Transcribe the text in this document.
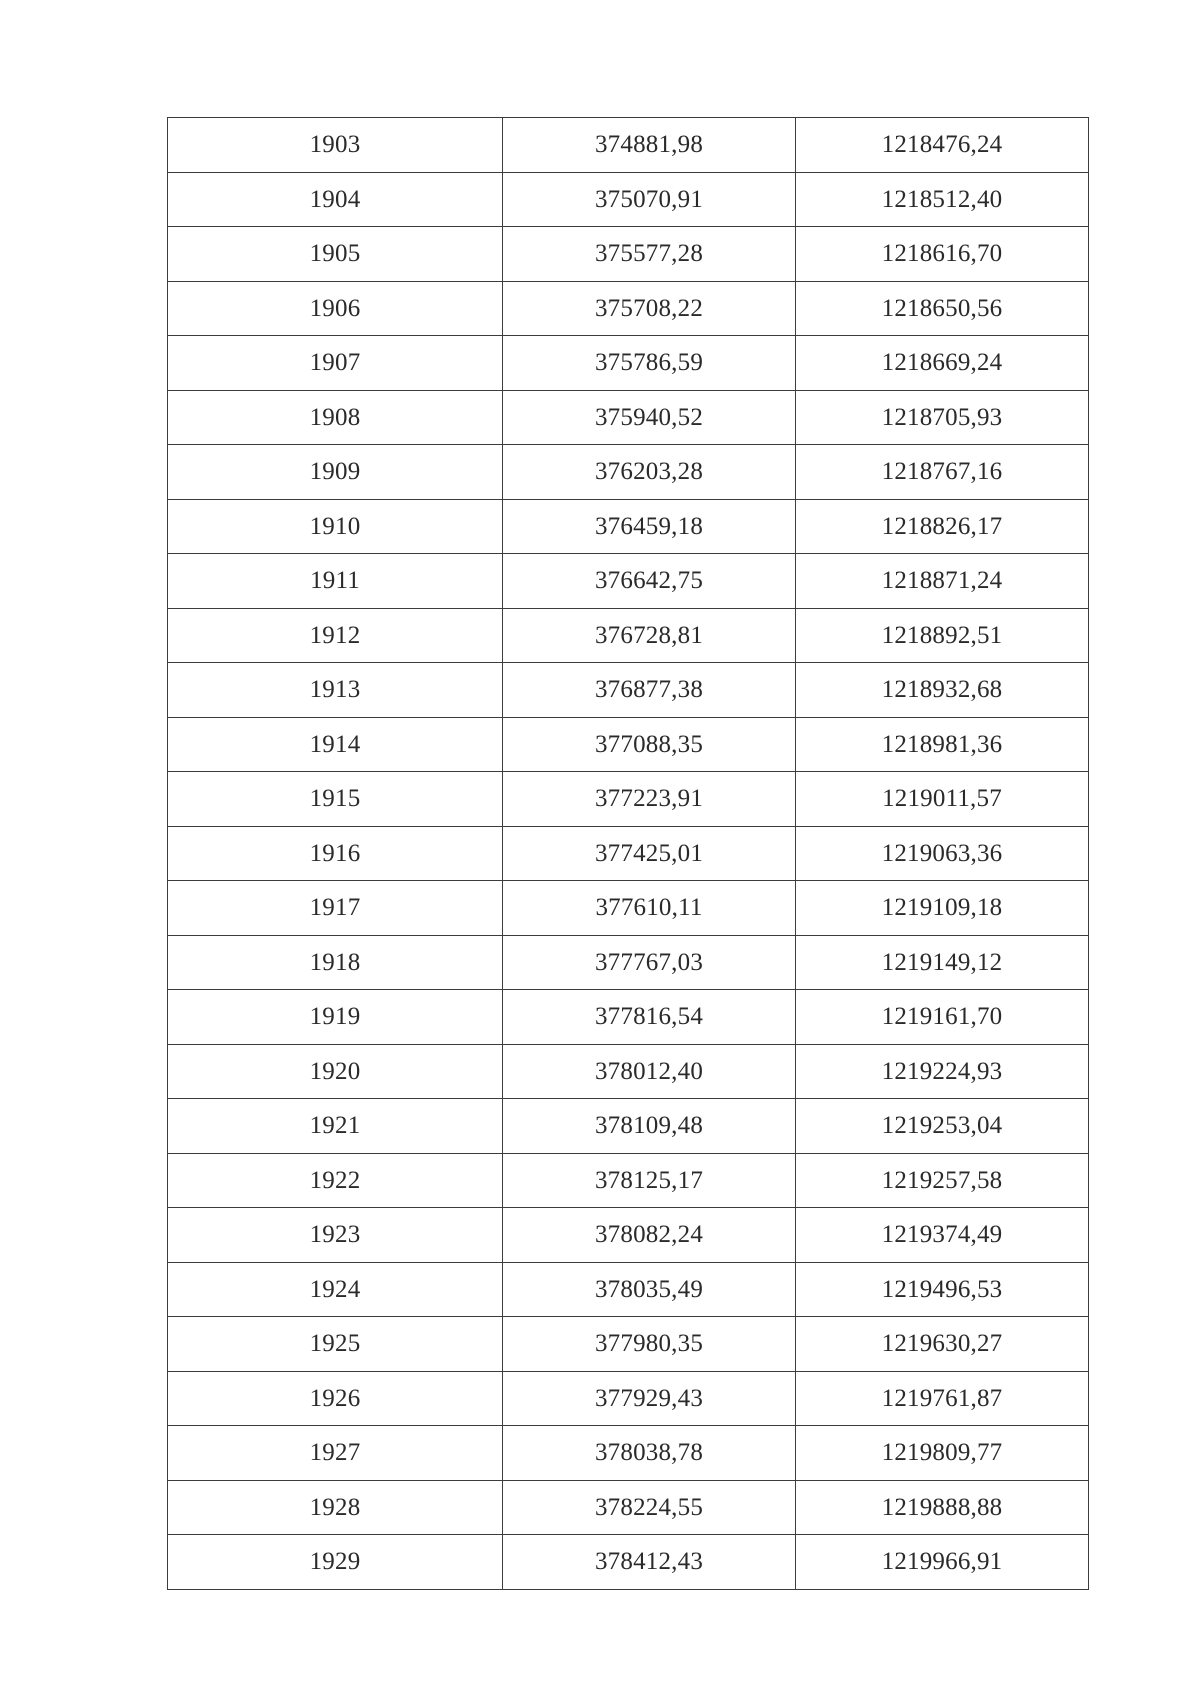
1903	374881,98	1218476,24
1904	375070,91	1218512,40
1905	375577,28	1218616,70
1906	375708,22	1218650,56
1907	375786,59	1218669,24
1908	375940,52	1218705,93
1909	376203,28	1218767,16
1910	376459,18	1218826,17
1911	376642,75	1218871,24
1912	376728,81	1218892,51
1913	376877,38	1218932,68
1914	377088,35	1218981,36
1915	377223,91	1219011,57
1916	377425,01	1219063,36
1917	377610,11	1219109,18
1918	377767,03	1219149,12
1919	377816,54	1219161,70
1920	378012,40	1219224,93
1921	378109,48	1219253,04
1922	378125,17	1219257,58
1923	378082,24	1219374,49
1924	378035,49	1219496,53
1925	377980,35	1219630,27
1926	377929,43	1219761,87
1927	378038,78	1219809,77
1928	378224,55	1219888,88
1929	378412,43	1219966,91
